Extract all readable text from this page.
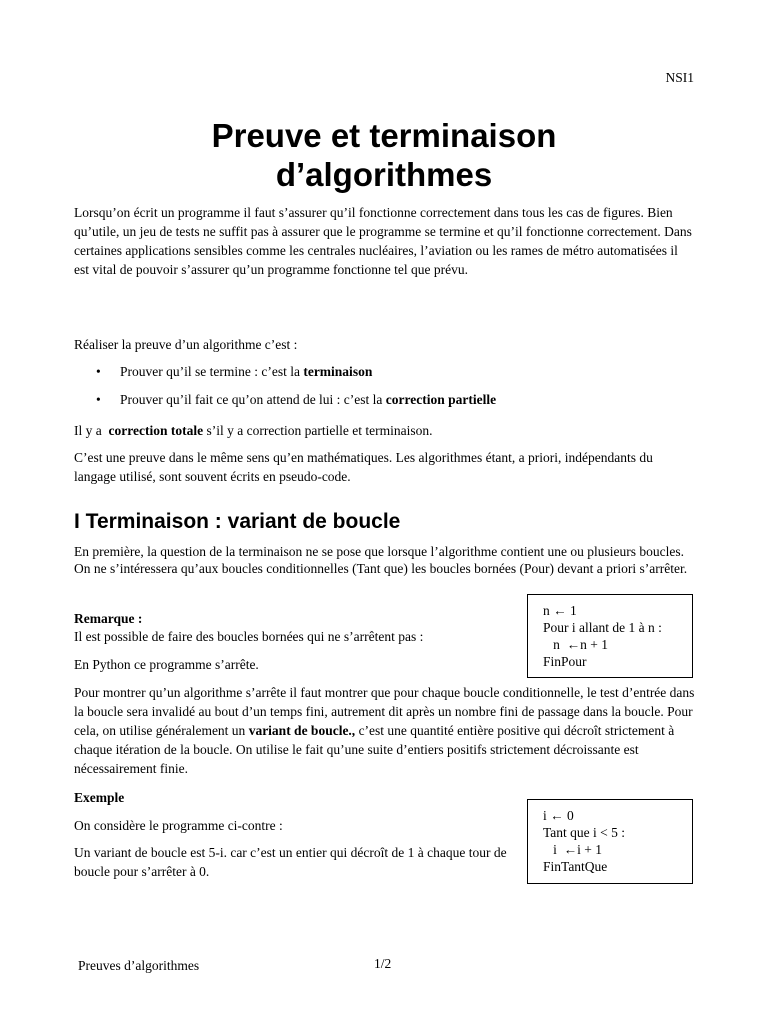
NSI1
Preuve et terminaison
d’algorithmes
Lorsqu’on écrit un programme il faut s’assurer qu’il fonctionne correctement dans tous les cas de figures. Bien qu’utile, un jeu de tests ne suffit pas à assurer que le programme se termine et qu’il fonctionne correctement. Dans certaines applications sensibles comme les centrales nucléaires, l’aviation ou les rames de métro automatisées il est vital de pouvoir s’assurer qu’un programme fonctionne tel que prévu.
Réaliser la preuve d’un algorithme c’est :
• Prouver qu’il se termine : c’est la terminaison
• Prouver qu’il fait ce qu’on attend de lui : c’est la correction partielle
Il y a  correction totale s’il y a correction partielle et terminaison.
C’est une preuve dans le même sens qu’en mathématiques. Les algorithmes étant, a priori, indépendants du langage utilisé, sont souvent écrits en pseudo-code.
I Terminaison : variant de boucle
En première, la question de la terminaison ne se pose que lorsque l’algorithme contient une ou plusieurs boucles. On ne s’intéressera qu’aux boucles conditionnelles (Tant que) les boucles bornées (Pour) devant a priori s’arrêter.
Remarque :
Il est possible de faire des boucles bornées qui ne s’arrêtent pas :
En Python ce programme s’arrête.
n ← 1
Pour i allant de 1 à n :
n  ←n + 1
FinPour
Pour montrer qu’un algorithme s’arrête il faut montrer que pour chaque boucle conditionnelle, le test d’entrée dans la boucle sera invalidé au bout d’un temps fini, autrement dit après un nombre fini de passage dans la boucle. Pour cela, on utilise généralement un variant de boucle., c’est une quantité entière positive qui décroît strictement à chaque itération de la boucle. On utilise le fait qu’une suite d’entiers positifs strictement décroissante est nécessairement finie.
Exemple
On considère le programme ci-contre :
Un variant de boucle est 5-i. car c’est un entier qui décroît de 1 à chaque tour de boucle pour s’arrêter à 0.
i ← 0
Tant que i < 5 :
i  ←i + 1
FinTantQue
Preuves d’algorithmes	1/2
